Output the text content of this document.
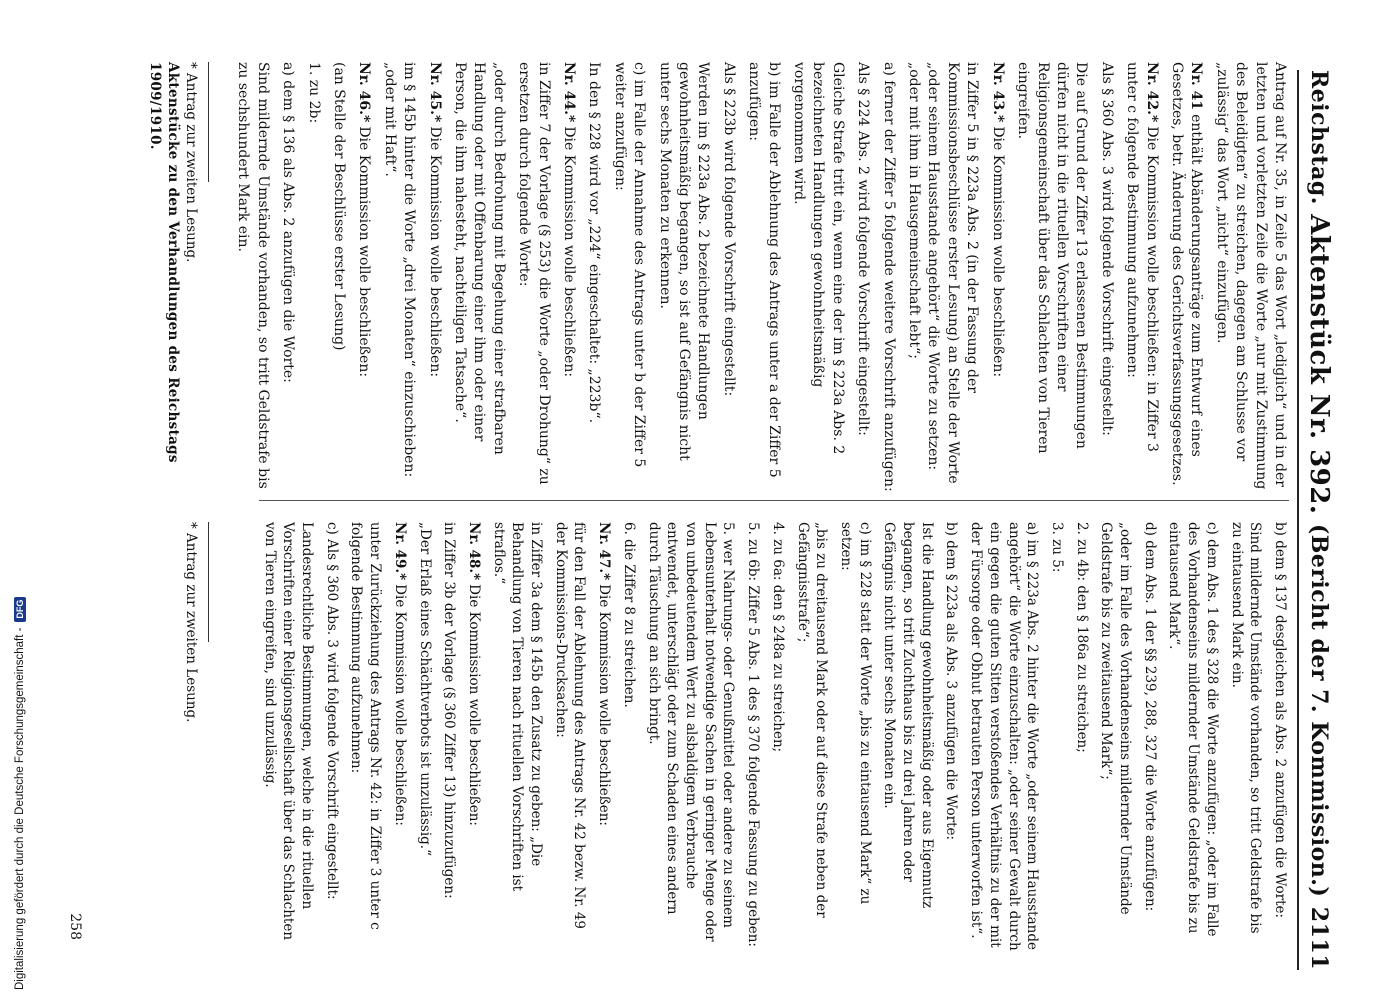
Digitalisierung gefördert durch die Deutsche Forschungsgemeinschaft -
DFG
Reichstag.
Aktenstück Nr. 392.
(Bericht der 7. Kommission.)
2111

Antrag auf Nr. 35, in Zeile 5 das Wort „lediglich“ und in der letzten und vorletzten Zeile die Worte „nur mit Zustimmung des Beleidigten“ zu streichen, dagegen am Schlusse vor „zulässig“ das Wort „nicht“ einzufügen.

Nr. 41enthält Abänderungsanträge zum Entwurf eines Gesetzes, betr. Änderung des Gerichtsverfassungsgesetzes.

Nr. 42.*Die Kommission wolle beschließen: in Ziffer 3 unter c folgende Bestimmung aufzunehmen:

Als § 360 Abs. 3 wird folgende Vorschrift eingestellt:

Die auf Grund der Ziffer 13 erlassenen Bestimmungen dürfen nicht in die rituellen Vorschriften einer Religionsgemeinschaft über das Schlachten von Tieren eingreifen.

Nr. 43.*Die Kommission wolle beschließen:

in Ziffer 5 in § 223a Abs. 2 (in der Fassung der Kommissionsbeschlüsse erster Lesung) an Stelle der Worte „oder seinem Hausstande angehört“ die Worte zu setzen: „oder mit ihm in Hausgemeinschaft lebt“;

a) ferner der Ziffer 5 folgende weitere Vorschrift anzufügen:

Als § 224 Abs. 2 wird folgende Vorschrift eingestellt:

Gleiche Strafe tritt ein, wenn eine der im § 223a Abs. 2 bezeichneten Handlungen gewohnheitsmäßig vorgenommen wird.

b) im Falle der Ablehnung des Antrags unter a der Ziffer 5 anzufügen:

Als § 223b wird folgende Vorschrift eingestellt:

Werden im § 223a Abs. 2 bezeichnete Handlungen gewohnheitsmäßig begangen, so ist auf Gefängnis nicht unter sechs Monaten zu erkennen.

c) im Falle der Annahme des Antrags unter b der Ziffer 5 weiter anzufügen:

In den § 228 wird vor „224“ eingeschaltet: „223b“.

Nr. 44.*Die Kommission wolle beschließen:

in Ziffer 7 der Vorlage (§ 253) die Worte „oder Drohung“ zu ersetzen durch folgende Worte:

„oder durch Bedrohung mit Begehung einer strafbaren Handlung oder mit Offenbarung einer ihm oder einer Person, die ihm nahesteht, nachteiligen Tatsache“.

Nr. 45.*Die Kommission wolle beschließen:

im § 145b hinter die Worte „drei Monaten“ einzuschieben: „oder mit Haft“.

Nr. 46.*Die Kommission wolle beschließen:

(an Stelle der Beschlüsse erster Lesung)

1. zu 2b:

a) dem § 136 als Abs. 2 anzufügen die Worte:

Sind mildernde Umstände vorhanden, so tritt Geldstrafe bis zu sechshundert Mark ein.

b) dem § 137 desgleichen als Abs. 2 anzufügen die Worte:

Sind mildernde Umstände vorhanden, so tritt Geldstrafe bis zu eintausend Mark ein.

c) dem Abs. 1 des § 328 die Worte anzufügen: „oder im Falle des Vorhandenseins mildernder Umstände Geldstrafe bis zu eintausend Mark“.

d) dem Abs. 1 der §§ 239, 288, 327 die Worte anzufügen:

„oder im Falle des Vorhandenseins mildernder Umstände Geldstrafe bis zu zweitausend Mark“;

2. zu 4b: den § 186a zu streichen;

3. zu 5:

a) im § 223a Abs. 2 hinter die Worte „oder seinem Hausstande angehört“ die Worte einzuschalten: „oder seiner Gewalt durch ein gegen die guten Sitten verstoßendes Verhältnis zu der mit der Fürsorge oder Obhut betrauten Person unterworfen ist“.

b) dem § 223a als Abs. 3 anzufügen die Worte:

Ist die Handlung gewohnheitsmäßig oder aus Eigennutz begangen, so tritt Zuchthaus bis zu drei Jahren oder Gefängnis nicht unter sechs Monaten ein.

c) im § 228 statt der Worte „bis zu eintausend Mark“ zu setzen:

„bis zu dreitausend Mark oder auf diese Strafe neben der Gefängnisstrafe“;

4. zu 6a: den § 248a zu streichen;

5. zu 6b: Ziffer 5 Abs. 1 des § 370 folgende Fassung zu geben:

5. wer Nahrungs- oder Genußmittel oder andere zu seinem Lebensunterhalt notwendige Sachen in geringer Menge oder von unbedeutendem Wert zu alsbaldigem Verbrauche entwendet, unterschlägt oder zum Schaden eines andern durch Täuschung an sich bringt.

6. die Ziffer 8 zu streichen.

Nr. 47.*Die Kommission wolle beschließen:

für den Fall der Ablehnung des Antrags Nr. 42 bezw. Nr. 49 der Kommissions-Drucksachen:

in Ziffer 3a dem § 145b den Zusatz zu geben: „Die Behandlung von Tieren nach rituellen Vorschriften ist straflos.“

Nr. 48.*Die Kommission wolle beschließen:

in Ziffer 3b der Vorlage (§ 360 Ziffer 13) hinzuzufügen:

„Der Erlaß eines Schächtverbots ist unzulässig.“

Nr. 49.*Die Kommission wolle beschließen:

unter Zurückziehung des Antrags Nr. 42: in Ziffer 3 unter c folgende Bestimmung aufzunehmen:

c) Als § 360 Abs. 3 wird folgende Vorschrift eingestellt:

Landesrechtliche Bestimmungen, welche in die rituellen Vorschriften einer Religionsgesellschaft über das Schlachten von Tieren eingreifen, sind unzulässig.

* Antrag zur zweiten Lesung.
Aktenstücke zu den Verhandlungen des Reichstags 1909/1910.
* Antrag zur zweiten Lesung.
258
